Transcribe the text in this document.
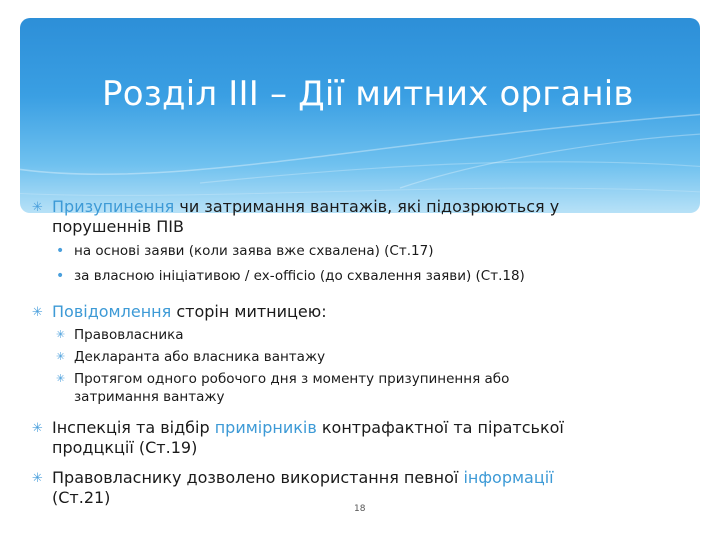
Розділ III – Дії митних органів
✳ Призупинення чи затримання вантажів, які підозрюються у
порушеннів ПІВ
• на основі заяви (коли заява вже схвалена) (Ст.17)
• за власною ініціативою / ex-officio (до схвалення заяви) (Ст.18)
✳ Повідомлення сторін митницею:
✳ Правовласника
✳ Декларанта або власника вантажу
✳ Протягом одного робочого дня з моменту призупинення або
затримання вантажу
✳ Інспекція та відбір примірників контрафактної та піратської
продцкції (Ст.19)
✳ Правовласнику дозволено використання певної інформації
(Ст.21)
18
